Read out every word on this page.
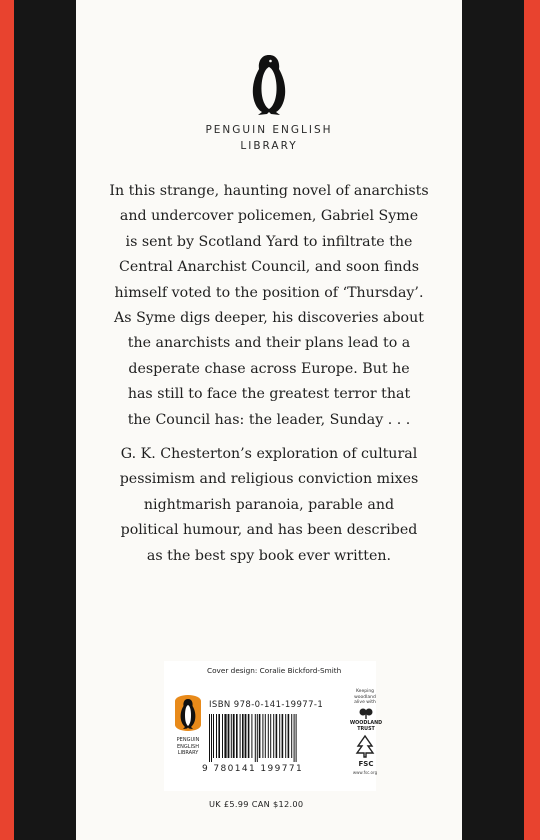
PENGUIN ENGLISH
LIBRARY
In this strange, haunting novel of anarchists
and undercover policemen, Gabriel Syme
is sent by Scotland Yard to infiltrate the
Central Anarchist Council, and soon finds
himself voted to the position of ‘Thursday’.
As Syme digs deeper, his discoveries about
the anarchists and their plans lead to a
desperate chase across Europe. But he
has still to face the greatest terror that
the Council has: the leader, Sunday . . .
G. K. Chesterton’s exploration of cultural
pessimism and religious conviction mixes
nightmarish paranoia, parable and
political humour, and has been described
as the best spy book ever written.
Cover design: Coralie Bickford-Smith
PENGUIN
ENGLISH
LIBRARY
ISBN 978-0-141-19977-1
9 780141 199771
UK £5.99 CAN $12.00
Keeping
woodland
alive with
WOODLAND
TRUST
FSC
www.fsc.org
